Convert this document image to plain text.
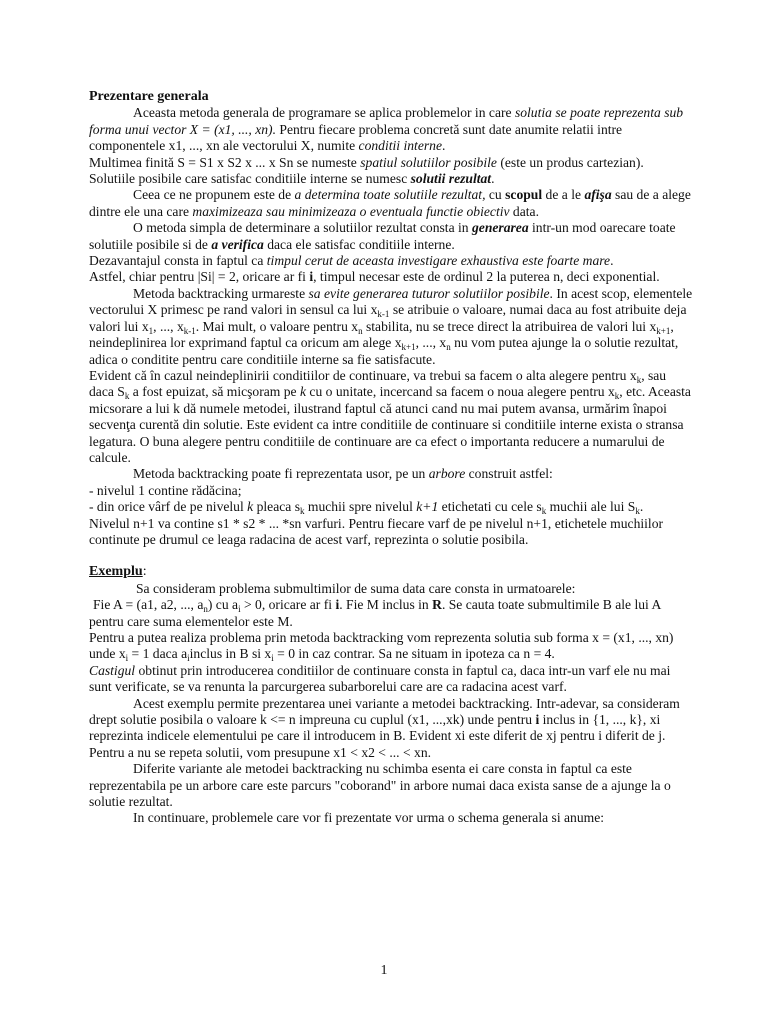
Prezentare generala

Aceasta metoda generala de programare se aplica problemelor in care solutia se poate reprezenta sub forma unui vector X = (x1, ..., xn). Pentru fiecare problema concretă sunt date anumite relatii intre componentele x1, ..., xn ale vectorului X, numite conditii interne.

Multimea finită S = S1 x S2 x ... x Sn se numeste spatiul solutiilor posibile (este un produs cartezian). Solutiile posibile care satisfac conditiile interne se numesc solutii rezultat.

Ceea ce ne propunem este de a determina toate solutiile rezultat, cu scopul de a le afişa sau de a alege dintre ele una care maximizeaza sau minimizeaza o eventuala functie obiectiv data.

O metoda simpla de determinare a solutiilor rezultat consta in generarea intr-un mod oarecare toate solutiile posibile si de a verifica daca ele satisfac conditiile interne.

Dezavantajul consta in faptul ca timpul cerut de aceasta investigare exhaustiva este foarte mare.

Astfel, chiar pentru |Si| = 2, oricare ar fi i, timpul necesar este de ordinul 2 la puterea n, deci exponential.

Metoda backtracking urmareste sa evite generarea tuturor solutiilor posibile. In acest scop, elementele vectorului X primesc pe rand valori in sensul ca lui $x_{k-1}$ se atribuie o valoare, numai daca au fost atribuite deja valori lui $x_1$, ..., $x_{k-1}$. Mai mult, o valoare pentru $x_n$ stabilita, nu se trece direct la atribuirea de valori lui $x_{k+1}$, neindeplinirea lor exprimand faptul ca oricum am alege $x_{k+1}$, ..., $x_n$ nu vom putea ajunge la o solutie rezultat, adica o conditite pentru care conditiile interne sa fie satisfacute.

Evident că în cazul neindeplinirii conditiilor de continuare, va trebui sa facem o alta alegere pentru $x_k$, sau daca $S_k$ a fost epuizat, să micşoram pe k cu o unitate, incercand sa facem o noua alegere pentru $x_k$, etc. Aceasta micsorare a lui k dă numele metodei, ilustrand faptul că atunci cand nu mai putem avansa, urmărim înapoi secvenţa curentă din solutie. Este evident ca intre conditiile de continuare si conditiile interne exista o stransa legatura. O buna alegere pentru conditiile de continuare are ca efect o importanta reducere a numarului de calcule.

Metoda backtracking poate fi reprezentata usor, pe un arbore construit astfel:

- nivelul 1 contine rădăcina;

- din orice vârf de pe nivelul k pleaca $s_k$ muchii spre nivelul k+1 etichetati cu cele $s_k$ muchii ale lui $S_k$.

Nivelul n+1 va contine s1 * s2 * ... *sn varfuri. Pentru fiecare varf de pe nivelul n+1, etichetele muchiilor continute pe drumul ce leaga radacina de acest varf, reprezinta o solutie posibila.

Exemplu:

Sa consideram problema submultimilor de suma data care consta in urmatoarele:

Fie A = (a1, a2, ..., $a_n$) cu $a_i > 0$, oricare ar fi i. Fie M inclus in R. Se cauta toate submultimile B ale lui A pentru care suma elementelor este M.

Pentru a putea realiza problema prin metoda backtracking vom reprezenta solutia sub forma x = (x1, ..., xn) unde $x_i = 1$ daca $a_iinclus$ in B si $x_i = 0$ in caz contrar. Sa ne situam in ipoteza ca n = 4.

Castigul obtinut prin introducerea conditiilor de continuare consta in faptul ca, daca intr-un varf ele nu mai sunt verificate, se va renunta la parcurgerea subarborelui care are ca radacina acest varf.

Acest exemplu permite prezentarea unei variante a metodei backtracking. Intr-adevar, sa consideram drept solutie posibila o valoare k <= n impreuna cu cuplul (x1, ...,xk) unde pentru i inclus in {1, ..., k}, xi reprezinta indicele elementului pe care il introducem in B. Evident xi este diferit de xj pentru i diferit de j. Pentru a nu se repeta solutii, vom presupune x1 < x2 < ... < xn.

Diferite variante ale metodei backtracking nu schimba esenta ei care consta in faptul ca este reprezentabila pe un arbore care este parcurs "coborand" in arbore numai daca exista sanse de a ajunge la o solutie rezultat.

In continuare, problemele care vor fi prezentate vor urma o schema generala si anume:

1
